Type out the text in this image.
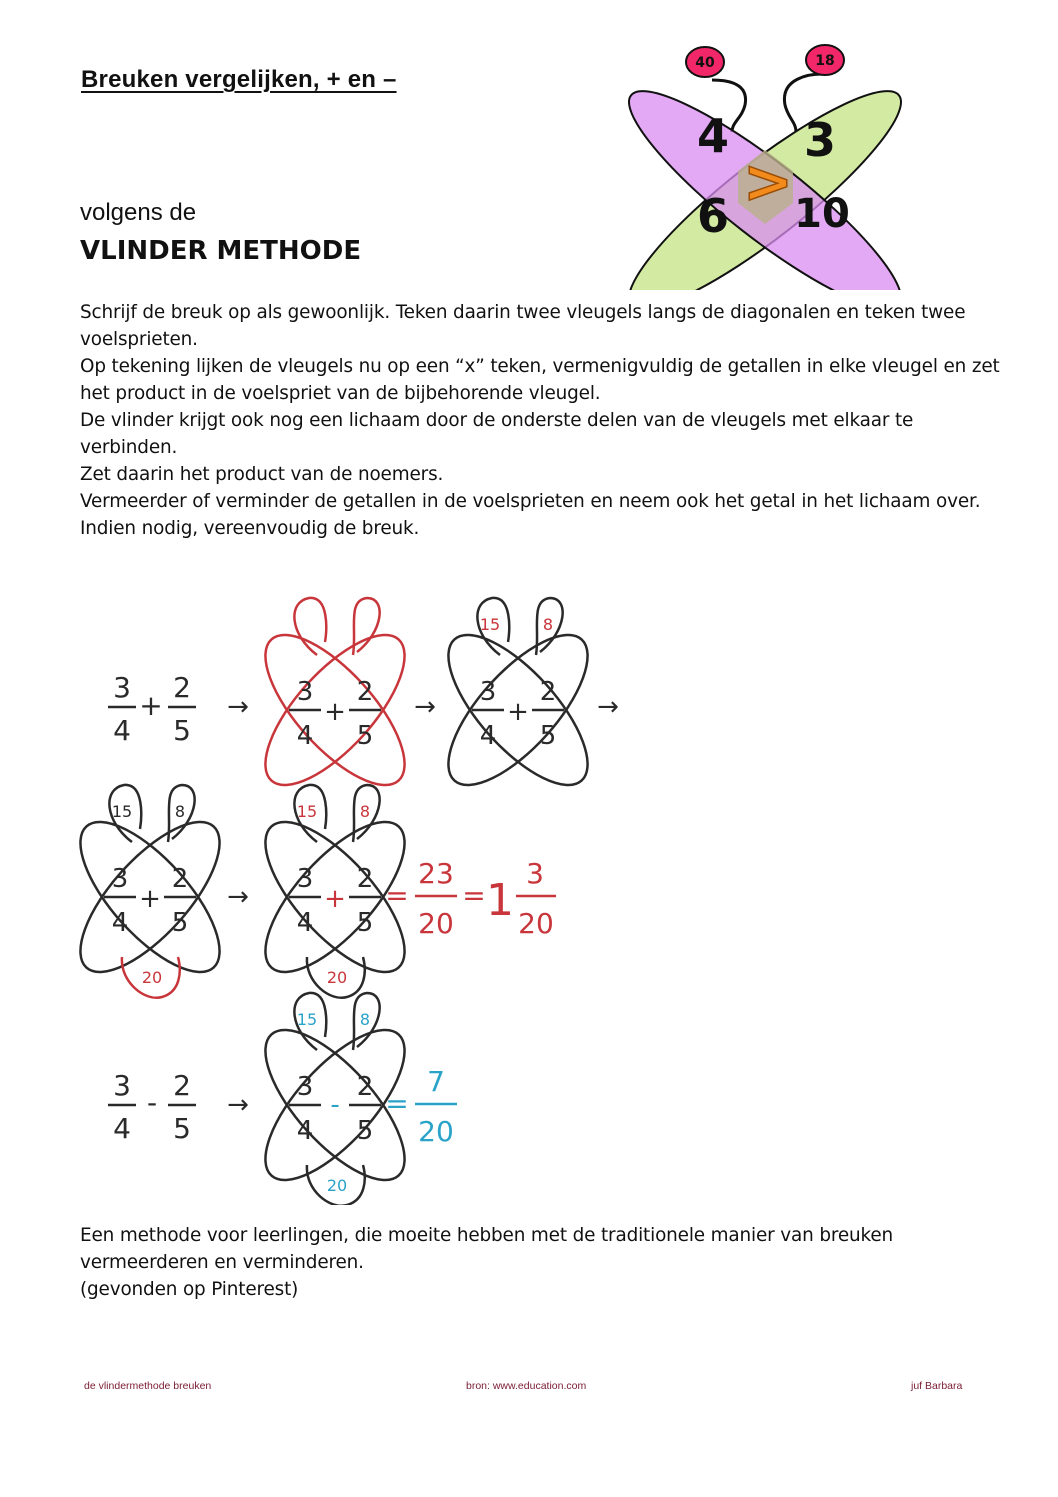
Breuken vergelijken, + en –
volgens de
VLINDER METHODE
40	18
4 3
6 10
>

Schrijf de breuk op als gewoonlijk. Teken daarin twee vleugels langs de diagonalen en teken twee voelsprieten.

Op tekening lijken de vleugels nu op een “x” teken, vermenigvuldig de getallen in elke vleugel en zet het product in de voelspriet van de bijbehorende vleugel.

De vlinder krijgt ook nog een lichaam door de onderste delen van de vleugels met elkaar te verbinden.

Zet daarin het product van de noemers.

Vermeerder of verminder de getallen in de voelsprieten en neem ook het getal in het lichaam over.

Indien nodig, vereenvoudig de breuk.

3
4
+
2
5
→ 3
4
2
5
+	→
15	8
3
4
2
5
+	→
15	8
20
3
4
2
5
+	→
15	8
20
3
4
2
5
+ =
23
20
= 1
3
20
3
4
-
2
5
→
15	8
20
3
4
2
5
- =
7
20

Een methode voor leerlingen, die moeite hebben met de traditionele manier van breuken vermeerderen en verminderen.

(gevonden op Pinterest)

de vlindermethode breuken	bron: www.education.com	juf Barbara
